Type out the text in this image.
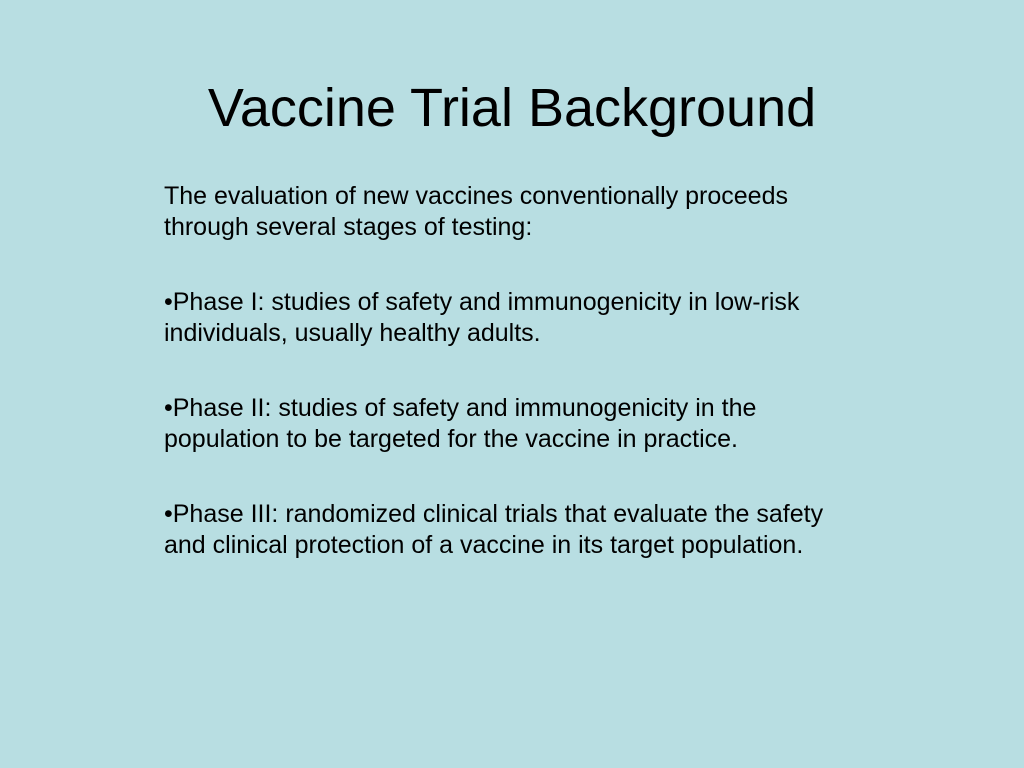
Vaccine Trial Background

The evaluation of new vaccines conventionally proceeds through several stages of testing:

•Phase I: studies of safety and immunogenicity in low-risk individuals, usually healthy adults.

•Phase II: studies of safety and immunogenicity in the population to be targeted for the vaccine in practice.

•Phase III: randomized clinical trials that evaluate the safety and clinical protection of a vaccine in its target population.
